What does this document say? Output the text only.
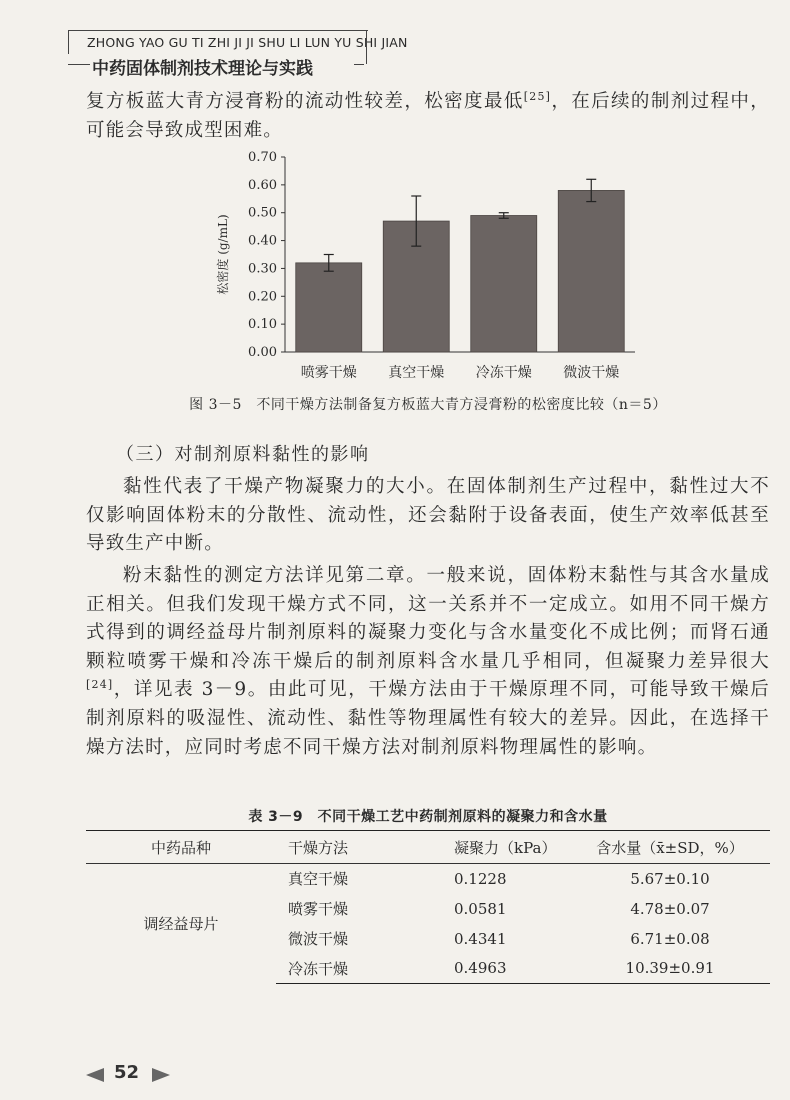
ZHONG YAO GU TI ZHI JI JI SHU LI LUN YU SHI JIAN
中药固体制剂技术理论与实践

复方板蓝大青方浸膏粉的流动性较差，松密度最低[25]，在后续的制剂过程中，可能会导致成型困难。

0.00
0.10
0.20
0.30
0.40
0.50
0.60
0.70
松密度 (g/mL)
喷雾干燥 真空干燥 冷冻干燥 微波干燥
图 3－5　不同干燥方法制备复方板蓝大青方浸膏粉的松密度比较（n＝5）
（三）对制剂原料黏性的影响

黏性代表了干燥产物凝聚力的大小。在固体制剂生产过程中，黏性过大不仅影响固体粉末的分散性、流动性，还会黏附于设备表面，使生产效率低甚至导致生产中断。

粉末黏性的测定方法详见第二章。一般来说，固体粉末黏性与其含水量成正相关。但我们发现干燥方式不同，这一关系并不一定成立。如用不同干燥方式得到的调经益母片制剂原料的凝聚力变化与含水量变化不成比例；而肾石通颗粒喷雾干燥和冷冻干燥后的制剂原料含水量几乎相同，但凝聚力差异很大[24]，详见表 3－9。由此可见，干燥方法由于干燥原理不同，可能导致干燥后制剂原料的吸湿性、流动性、黏性等物理属性有较大的差异。因此，在选择干燥方法时，应同时考虑不同干燥方法对制剂原料物理属性的影响。

表 3－9　不同干燥工艺中药制剂原料的凝聚力和含水量
中药品种	干燥方法	凝聚力（kPa）	含水量（x̄±SD，%）
调经益母片	真空干燥	0.1228	5.67±0.10
	喷雾干燥	0.0581	4.78±0.07
	微波干燥	0.4341	6.71±0.08
	冷冻干燥	0.4963	10.39±0.91
52
